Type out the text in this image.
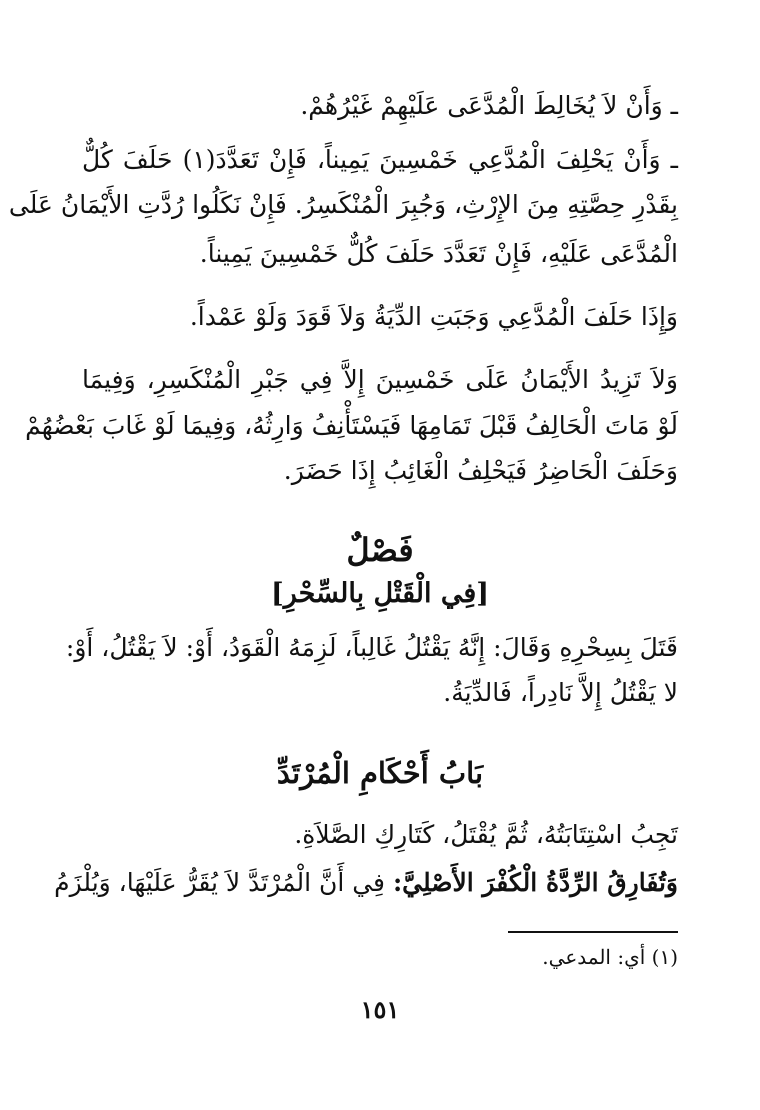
ـ وَأَنْ لاَ يُخَالِطَ الْمُدَّعَى عَلَيْهِمْ غَيْرُهُمْ.
ـ وَأَنْ يَحْلِفَ الْمُدَّعِي خَمْسِينَ يَمِيناً، فَإِنْ تَعَدَّدَ(١) حَلَفَ كُلٌّ
بِقَدْرِ حِصَّتِهِ مِنَ الإِرْثِ، وَجُبِرَ الْمُنْكَسِرُ. فَإِنْ نَكَلُوا رُدَّتِ الأَيْمَانُ عَلَى
الْمُدَّعَى عَلَيْهِ، فَإِنْ تَعَدَّدَ حَلَفَ كُلٌّ خَمْسِينَ يَمِيناً.
وَإِذَا حَلَفَ الْمُدَّعِي وَجَبَتِ الدِّيَةُ وَلاَ قَوَدَ وَلَوْ عَمْداً.
وَلاَ تَزِيدُ الأَيْمَانُ عَلَى خَمْسِينَ إِلاَّ فِي جَبْرِ الْمُنْكَسِرِ، وَفِيمَا
لَوْ مَاتَ الْحَالِفُ قَبْلَ تَمَامِهَا فَيَسْتَأْنِفُ وَارِثُهُ، وَفِيمَا لَوْ غَابَ بَعْضُهُمْ
وَحَلَفَ الْحَاضِرُ فَيَحْلِفُ الْغَائِبُ إِذَا حَضَرَ.
فَصْلٌ
[فِي الْقَتْلِ بِالسِّحْرِ]
قَتَلَ بِسِحْرِهِ وَقَالَ: إِنَّهُ يَقْتُلُ غَالِباً، لَزِمَهُ الْقَوَدُ، أَوْ: لاَ يَقْتُلُ، أَوْ:
لا يَقْتُلُ إِلاَّ نَادِراً، فَالدِّيَةُ.
بَابُ أَحْكَامِ الْمُرْتَدِّ
تَجِبُ اسْتِتَابَتُهُ، ثُمَّ يُقْتَلُ، كَتَارِكِ الصَّلاَةِ.
وَتُفَارِقُ الرِّدَّةُ الْكُفْرَ الأَصْلِيَّ: فِي أَنَّ الْمُرْتَدَّ لاَ يُقَرُّ عَلَيْهَا، وَيُلْزَمُ
(١) أي: المدعي.
١٥١
